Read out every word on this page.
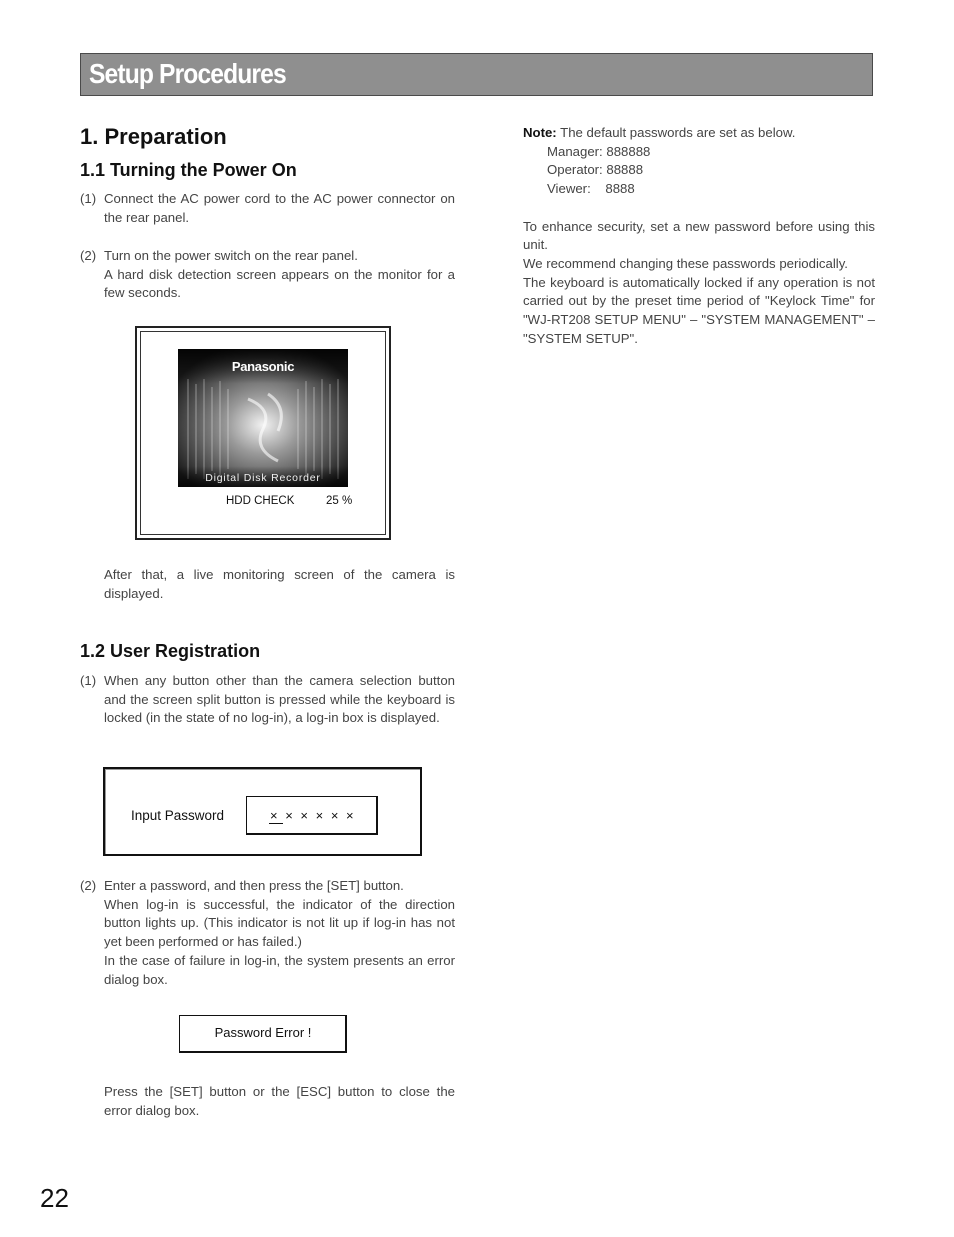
Setup Procedures
1. Preparation
1.1 Turning the Power On
(1) Connect the AC power cord to the AC power connector on the rear panel.
(2) Turn on the power switch on the rear panel.
A hard disk detection screen appears on the monitor for a few seconds.
Panasonic
Digital Disk Recorder
HDD CHECK	25 %
After that, a live monitoring screen of the camera is displayed.
1.2 User Registration
(1) When any button other than the camera selection button and the screen split button is pressed while the keyboard is locked (in the state of no log-in), a log-in box is displayed.
Input Password	× × × × × ×
(2) Enter a password, and then press the [SET] button.
When log-in is successful, the indicator of the direction button lights up. (This indicator is not lit up if log-in has not yet been performed or has failed.)
In the case of failure in log-in, the system presents an error dialog box.
Password Error !
Press the [SET] button or the [ESC] button to close the error dialog box.
Note: The default passwords are set as below.
Manager: 888888
Operator: 88888
Viewer:    8888
To enhance security, set a new password before using this unit.
We recommend changing these passwords periodically.
The keyboard is automatically locked if any operation is not carried out by the preset time period of "Keylock Time" for "WJ-RT208 SETUP MENU" – "SYSTEM MANAGEMENT" – "SYSTEM SETUP".
22
